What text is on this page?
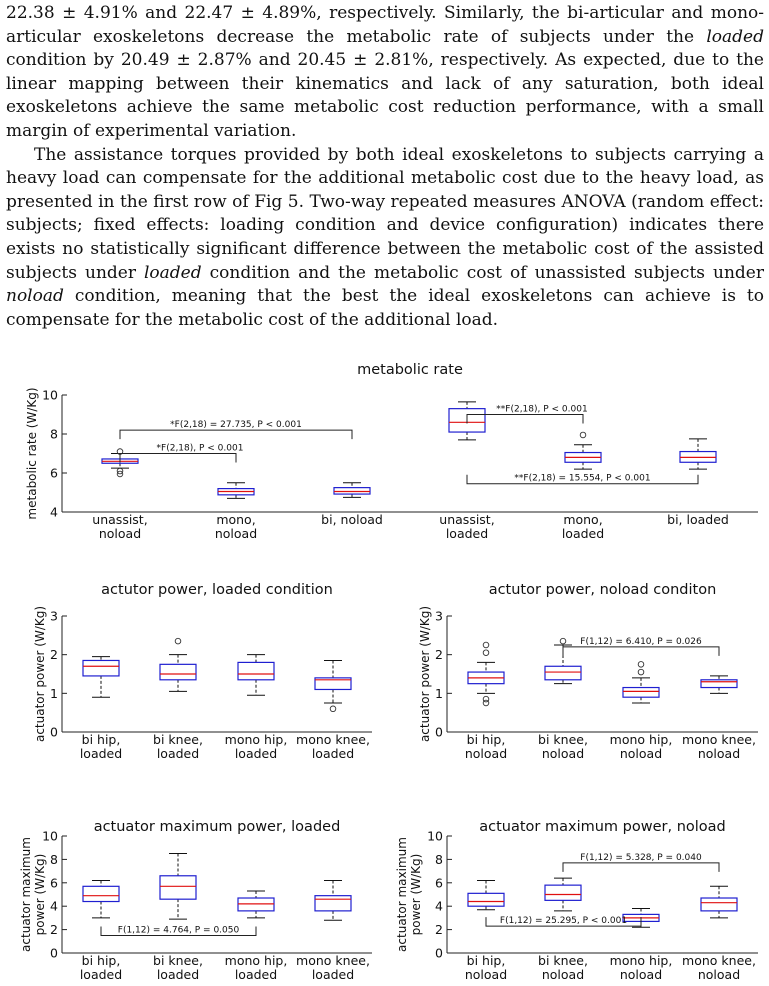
22.38 ± 4.91% and 22.47 ± 4.89%, respectively. Similarly, the bi-articular and mono-articular exoskeletons decrease the metabolic rate of subjects under the loaded condition by 20.49 ± 2.87% and 20.45 ± 2.81%, respectively. As expected, due to the linear mapping between their kinematics and lack of any saturation, both ideal exoskeletons achieve the same metabolic cost reduction performance, with a small margin of experimental variation.

The assistance torques provided by both ideal exoskeletons to subjects carrying a heavy load can compensate for the additional metabolic cost due to the heavy load, as presented in the first row of Fig 5. Two-way repeated measures ANOVA (random effect: subjects; fixed effects: loading condition and device configuration) indicates there exists no statistically significant difference between the metabolic cost of the assisted subjects under loaded condition and the metabolic cost of unassisted subjects under noload condition, meaning that the best the ideal exoskeletons can achieve is to compensate for the metabolic cost of the additional load.

metabolic rate
4
6
8
10
metabolic rate (W/Kg)	unassist,
noload
mono,
noload
bi, noload	unassist,
loaded
mono,
loaded
bi, loaded
*F(2,18) = 27.735, P < 0.001
*F(2,18), P < 0.001
**F(2,18), P < 0.001
**F(2,18) = 15.554, P < 0.001
actutor power, loaded condition
0
1
2
3
actuator power (W/Kg)	bi hip,
loaded
bi knee,
loaded
mono hip,
loaded
mono knee,
loaded
actutor power, noload conditon
0
1
2
3
actuator power (W/Kg)	bi hip,
noload
bi knee,
noload
mono hip,
noload
mono knee,
noload
F(1,12) = 6.410, P = 0.026
actuator maximum power, loaded
0
2
4
6
8
10
actuator maximum power (W/Kg)
bi hip,
loaded
bi knee,
loaded
mono hip,
loaded
mono knee,
loaded
F(1,12) = 4.764, P = 0.050
actuator maximum power, noload
0
2
4
6
8
10
actuator maximum power (W/Kg)
bi hip,
noload
bi knee,
noload
mono hip,
noload
mono knee,
noload
F(1,12) = 5.328, P = 0.040
F(1,12) = 25.295, P < 0.001
